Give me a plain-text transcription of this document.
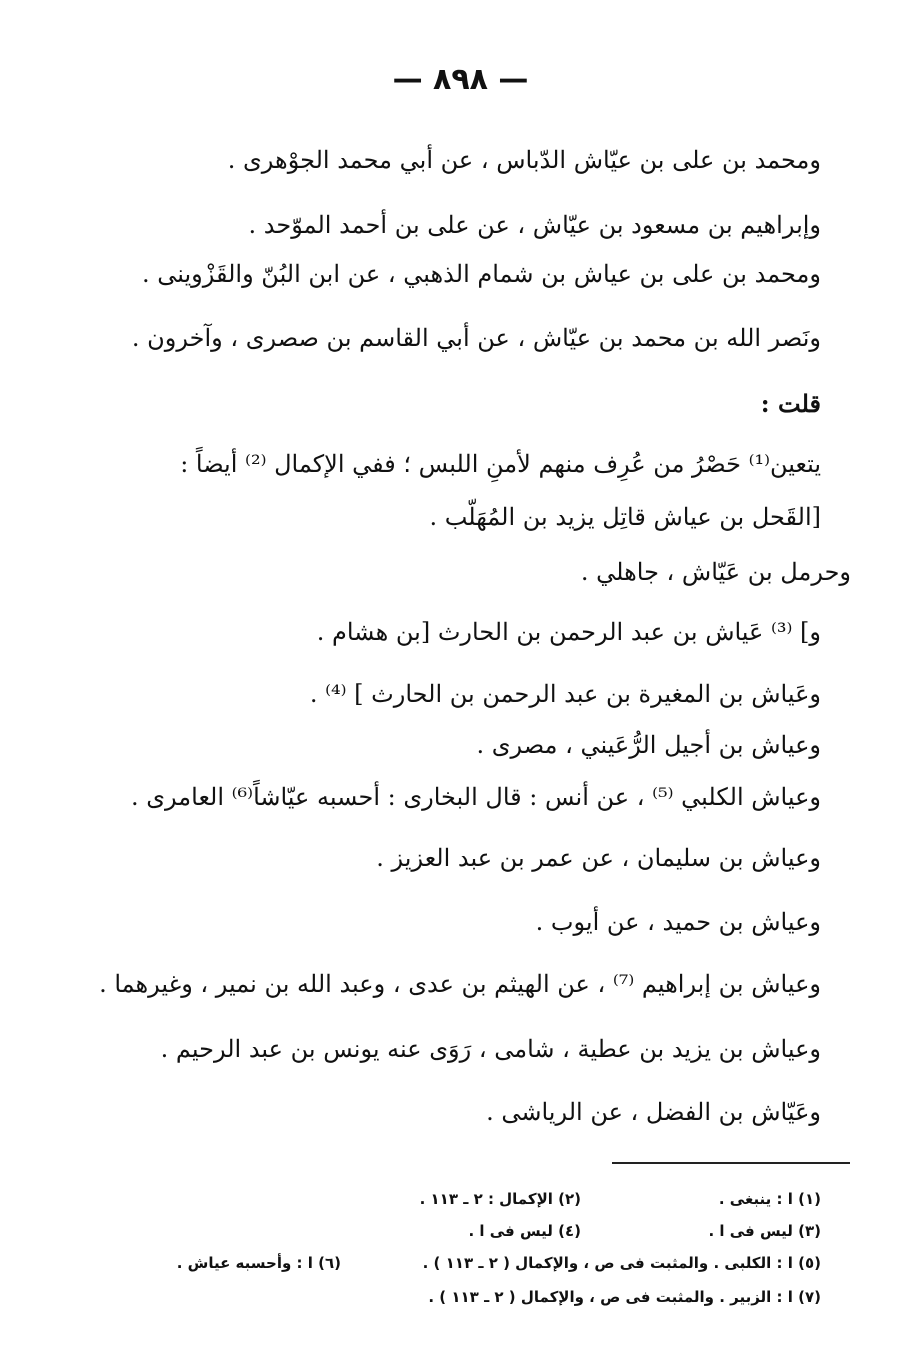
— ٨٩٨ —
ومحمد بن على بن عيّاش الدّباس ، عن أبي محمد الجوْهرى .
وإبراهيم بن مسعود بن عيّاش ، عن على بن أحمد الموّحد .
ومحمد بن على بن عياش بن شمام الذهبي ، عن ابن البُنّ والقَزْوينى .
ونَصر الله بن محمد بن عيّاش ، عن أبي القاسم بن صصرى ، وآخرون .
قلت :
يتعين⁽¹⁾ حَصْرُ من عُرِف منهم لأمنِ اللبس ؛ ففي الإكمال ⁽²⁾ أيضاً :
[القَحل بن عياش قاتِل يزيد بن المُهَلّب .
وحرمل بن عَيّاش ، جاهلي .
و] ⁽³⁾ عَياش بن عبد الرحمن بن الحارث [بن هشام .
وعَياش بن المغيرة بن عبد الرحمن بن الحارث ] ⁽⁴⁾ .
وعياش بن أجيل الرُّعَيني ، مصرى .
وعياش الكلبي ⁽⁵⁾ ، عن أنس : قال البخارى : أحسبه عيّاشاً⁽⁶⁾ العامرى .
وعياش بن سليمان ، عن عمر بن عبد العزيز .
وعياش بن حميد ، عن أيوب .
وعياش بن إبراهيم ⁽⁷⁾ ، عن الهيثم بن عدى ، وعبد الله بن نمير ، وغيرهما .
وعياش بن يزيد بن عطية ، شامى ، رَوَى عنه يونس بن عبد الرحيم .
وعَيّاش بن الفضل ، عن الرياشى .
(١) ا : ينبغى .
(٢) الإكمال : ٢ ـ ١١٣ .
(٣) ليس فى ا .
(٤) ليس فى ا .
(٥) ا : الكلبى . والمثبت فى ص ، والإكمال ( ٢ ـ ١١٣ ) .
(٦) ا : وأحسبه عياش .
(٧) ا : الزبير . والمثبت فى ص ، والإكمال ( ٢ ـ ١١٣ ) .
